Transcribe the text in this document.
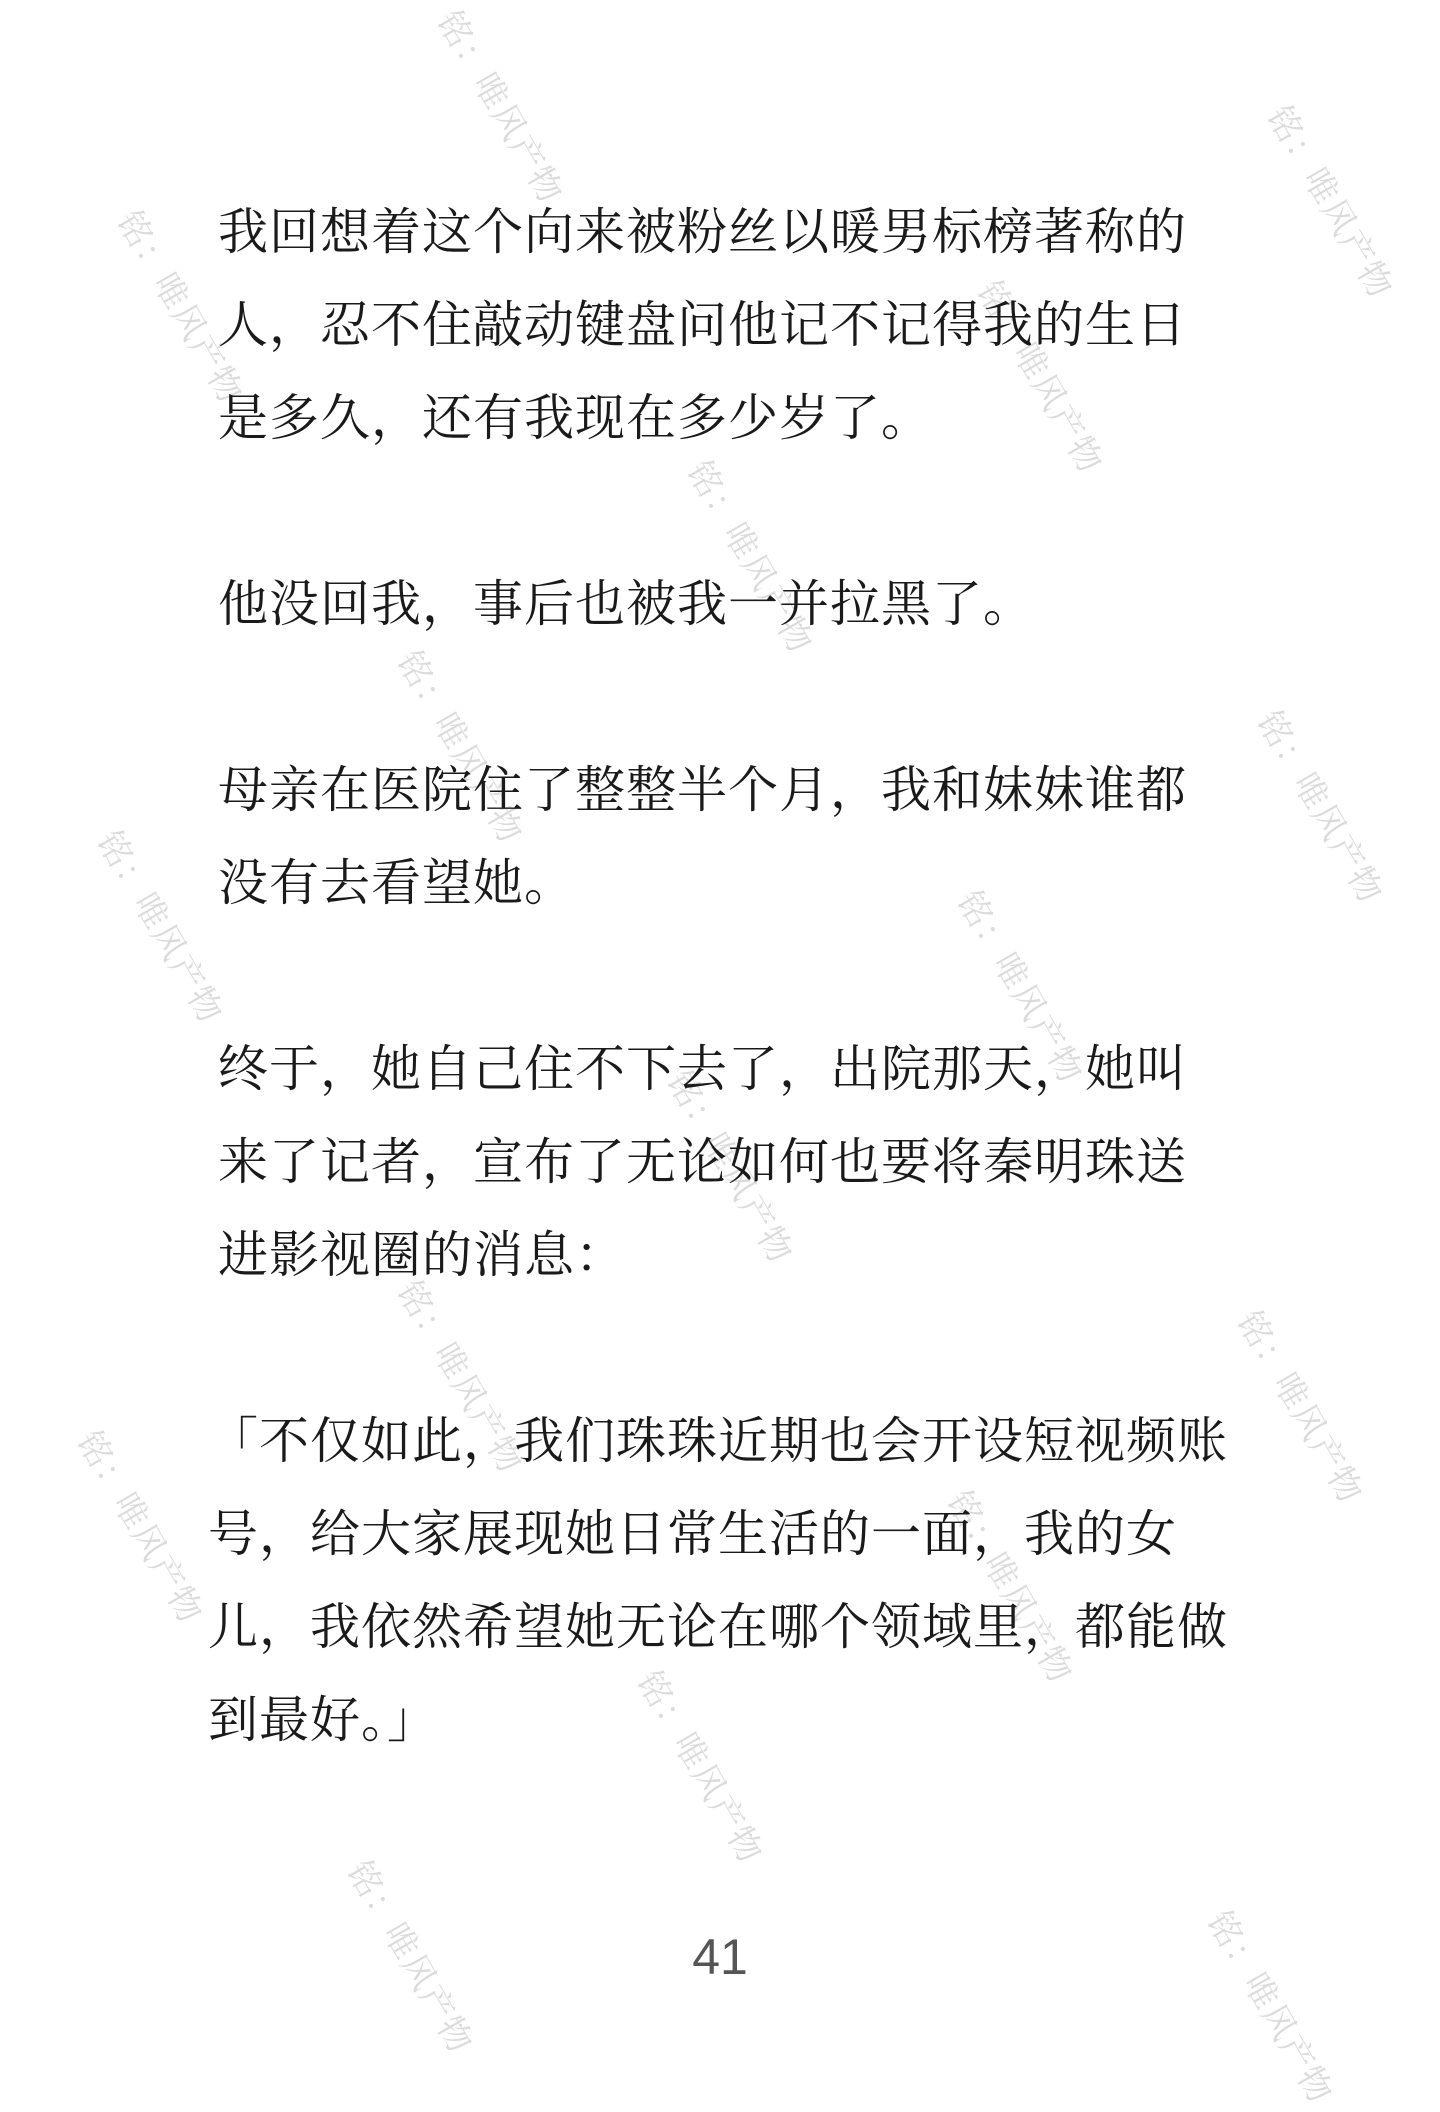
铭：唯风产物
铭：唯风产物
铭：唯风产物
铭：唯风产物
铭：唯风产物
铭：唯风产物	铭：唯风产物
铭：唯风产物	铭：唯风产物
铭：唯风产物
铭：唯风产物	铭：唯风产物
铭：唯风产物	铭：唯风产物
铭：唯风产物
铭：唯风产物	铭：唯风产物

我回想着这个向来被粉丝以暖男标榜著称的人，忍不住敲动键盘问他记不记得我的生日是多久，还有我现在多少岁了。

他没回我，事后也被我一并拉黑了。

母亲在医院住了整整半个月，我和妹妹谁都没有去看望她。

终于，她自己住不下去了，出院那天，她叫来了记者，宣布了无论如何也要将秦明珠送进影视圈的消息：

「不仅如此，我们珠珠近期也会开设短视频账号，给大家展现她日常生活的一面，我的女儿，我依然希望她无论在哪个领域里，都能做到最好。」

41
